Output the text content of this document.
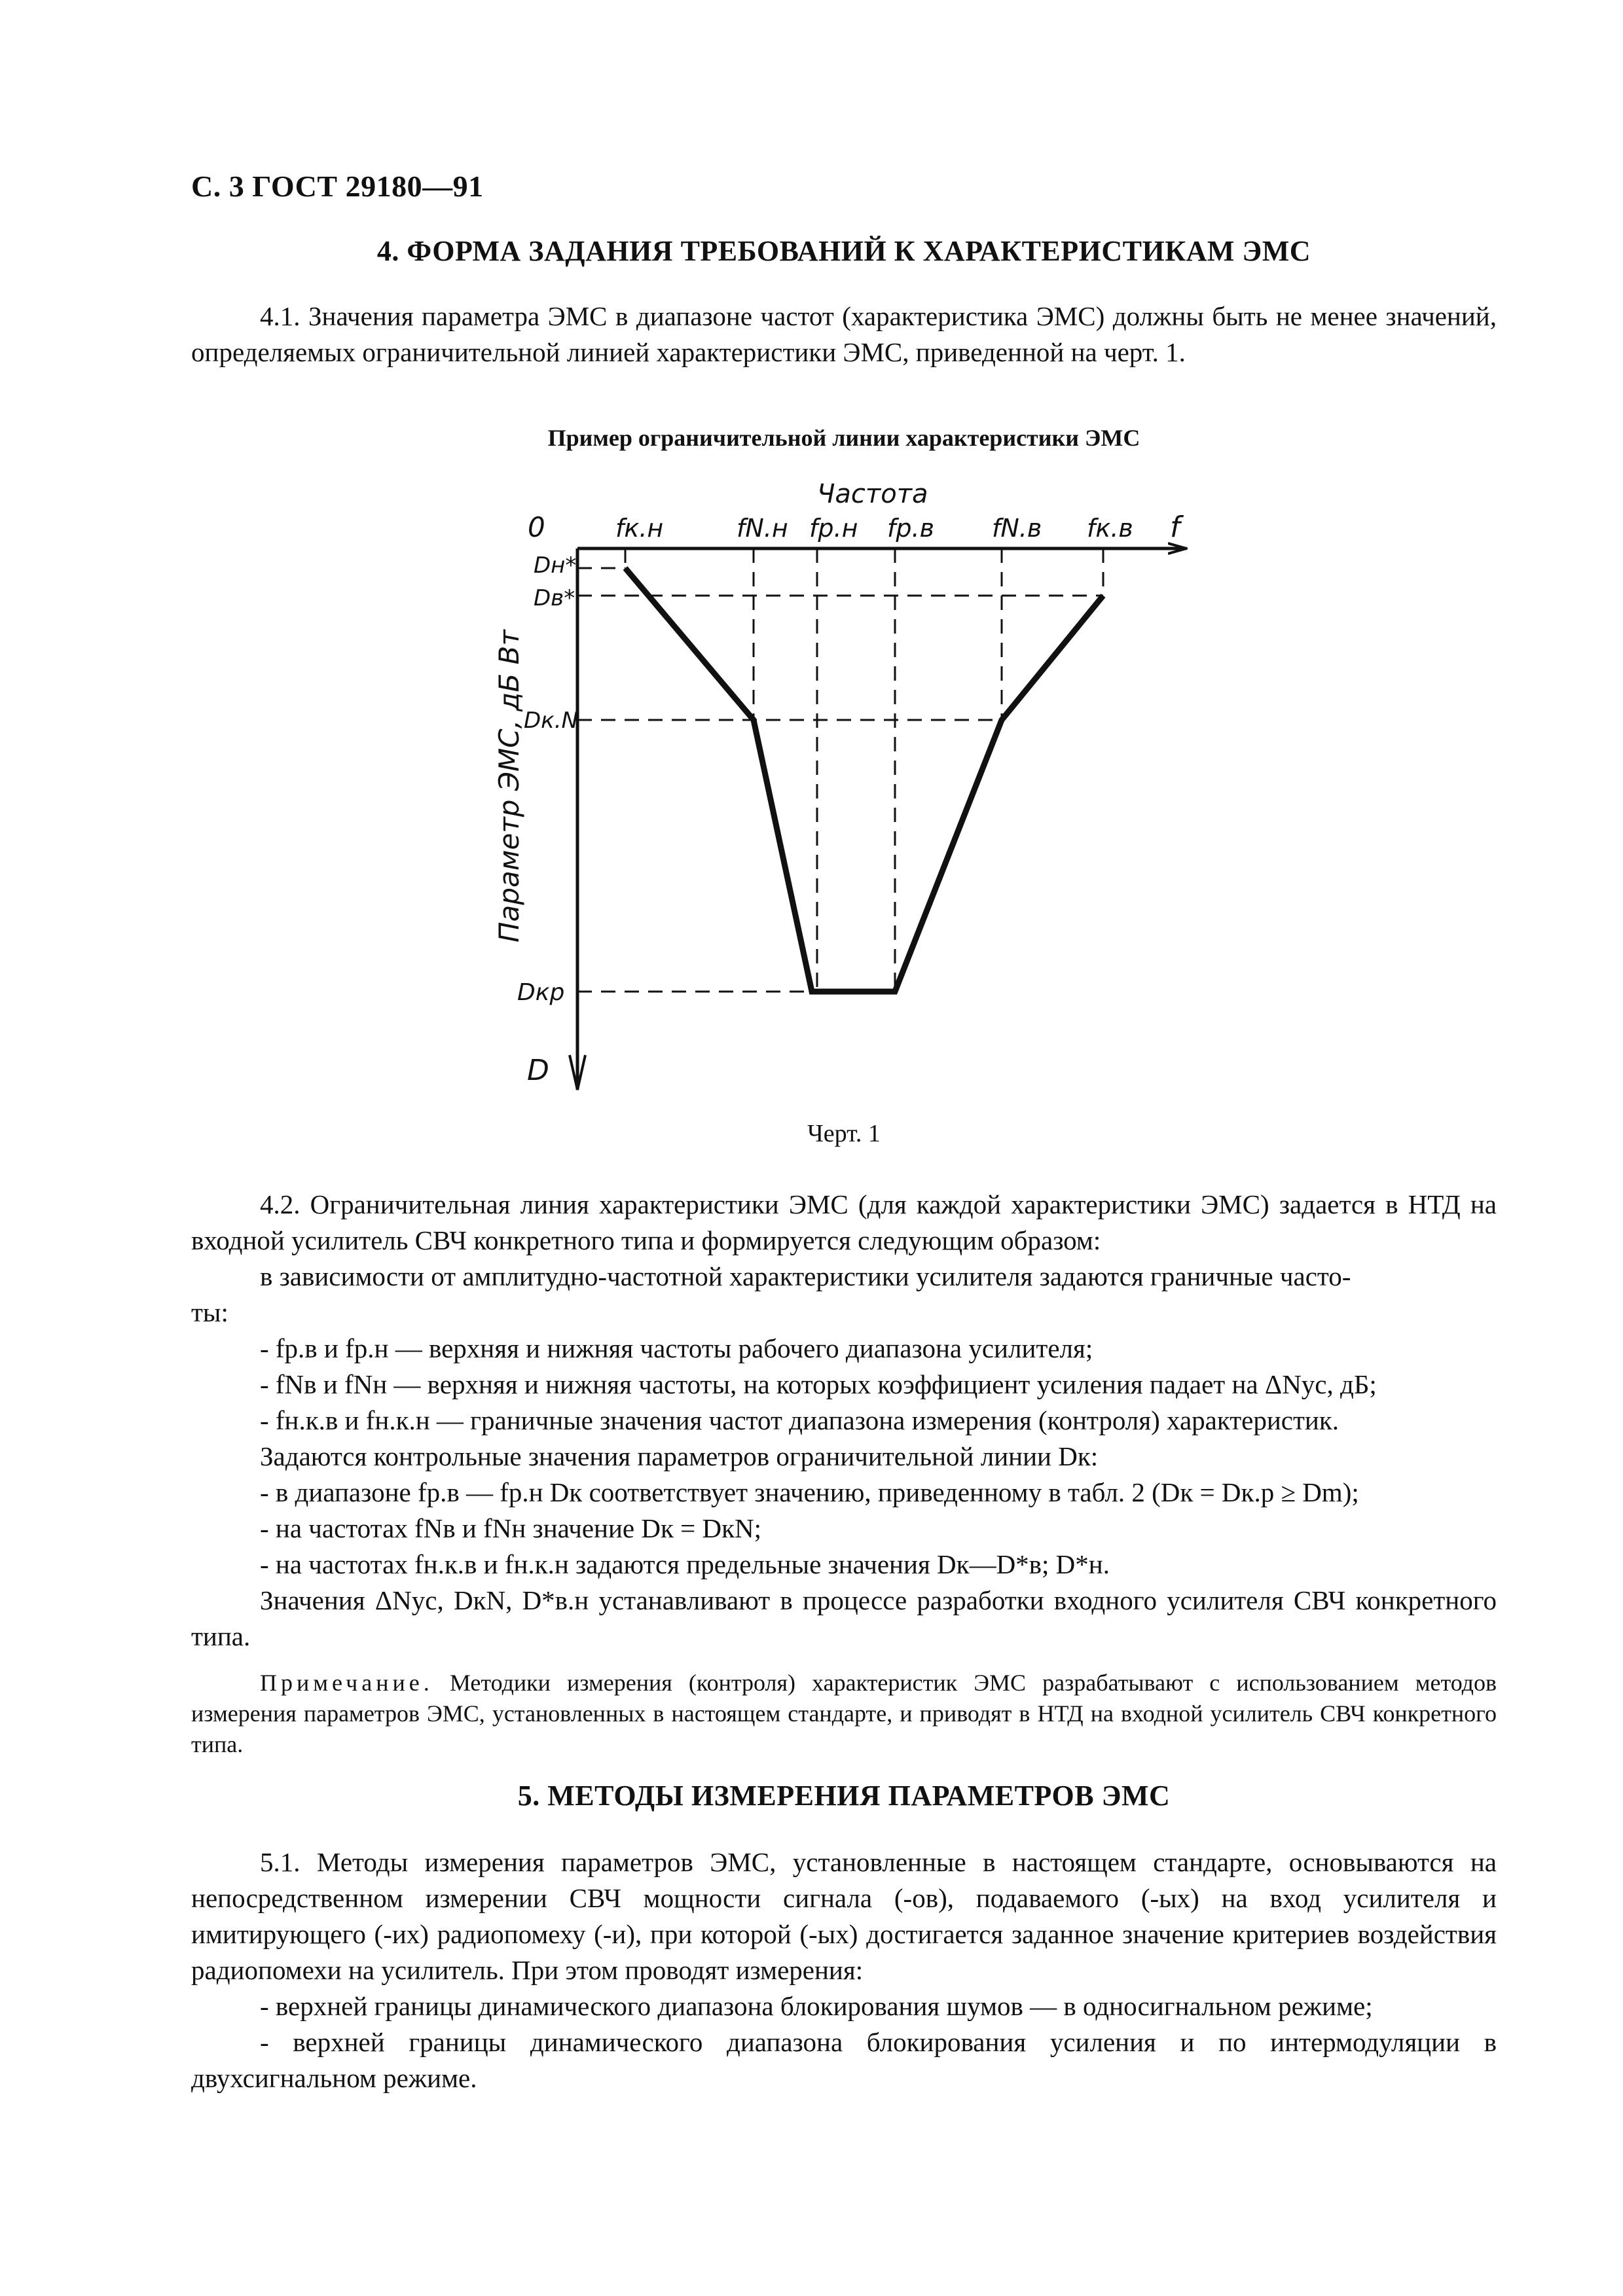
С. 3 ГОСТ 29180—91
4. ФОРМА ЗАДАНИЯ ТРЕБОВАНИЙ К ХАРАКТЕРИСТИКАМ ЭМС
4.1. Значения параметра ЭМС в диапазоне частот (характеристика ЭМС) должны быть не менее значений, определяемых ограничительной линией характеристики ЭМС, приведенной на черт. 1.
Пример ограничительной линии характеристики ЭМС
Частота
0	fк.н	fN.н fр.н fр.в fN.в fк.в f
Dн*
Dв*
Dк.N
Dкр
D
Параметр ЭМС, дБ Вт
Черт. 1
4.2. Ограничительная линия характеристики ЭМС (для каждой характеристики ЭМС) задается в НТД на входной усилитель СВЧ конкретного типа и формируется следующим образом:
в зависимости от амплитудно-частотной характеристики усилителя задаются граничные часто-
ты:
- fр.в и fр.н — верхняя и нижняя частоты рабочего диапазона усилителя;
- fNв и fNн — верхняя и нижняя частоты, на которых коэффициент усиления падает на ΔNус, дБ;
- fн.к.в и fн.к.н — граничные значения частот диапазона измерения (контроля) характеристик.
Задаются контрольные значения параметров ограничительной линии Dк:
- в диапазоне fр.в — fр.н Dк соответствует значению, приведенному в табл. 2 (Dк = Dк.р ≥ Dm);
- на частотах fNв и fNн значение Dк = DкN;
- на частотах fн.к.в и fн.к.н задаются предельные значения Dк—D*в; D*н.
Значения ΔNус, DкN, D*в.н устанавливают в процессе разработки входного усилителя СВЧ конкретного типа.
Примечание. Методики измерения (контроля) характеристик ЭМС разрабатывают с использованием методов измерения параметров ЭМС, установленных в настоящем стандарте, и приводят в НТД на входной усилитель СВЧ конкретного типа.
5. МЕТОДЫ ИЗМЕРЕНИЯ ПАРАМЕТРОВ ЭМС
5.1. Методы измерения параметров ЭМС, установленные в настоящем стандарте, основываются на непосредственном измерении СВЧ мощности сигнала (-ов), подаваемого (-ых) на вход усилителя и имитирующего (-их) радиопомеху (-и), при которой (-ых) достигается заданное значение критериев воздействия радиопомехи на усилитель. При этом проводят измерения:
- верхней границы динамического диапазона блокирования шумов — в односигнальном режиме;
- верхней границы динамического диапазона блокирования усиления и по интермодуляции в двухсигнальном режиме.
